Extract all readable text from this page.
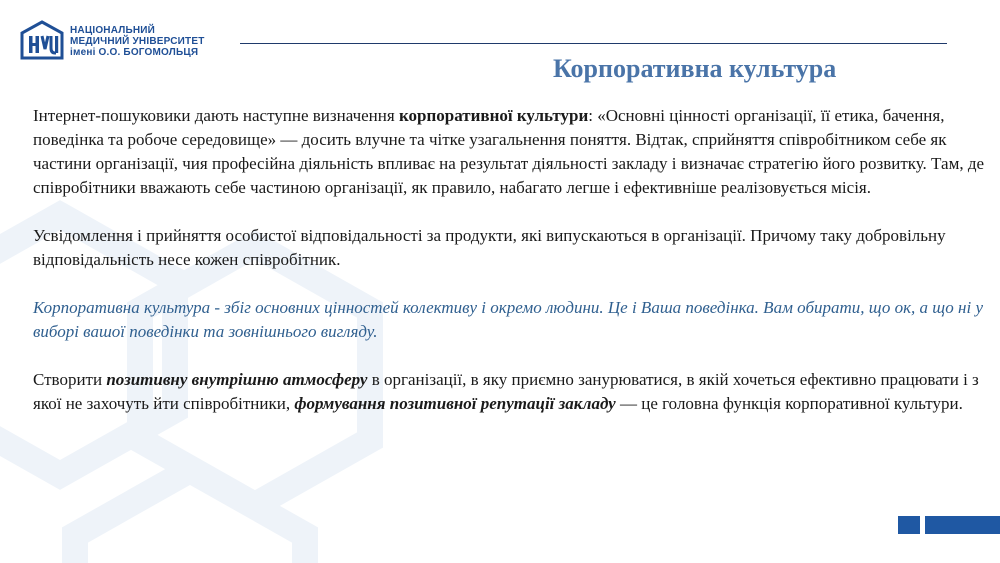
НАЦІОНАЛЬНИЙ
МЕДИЧНИЙ УНІВЕРСИТЕТ
імені О.О. БОГОМОЛЬЦЯ
Корпоративна культура

Інтернет-пошуковики дають наступне визначення корпоративної культури: «Основні цінності організації, її етика, бачення, поведінка та робоче середовище» — досить влучне та чітке узагальнення поняття. Відтак, сприйняття співробітником себе як частини організації, чия професійна діяльність впливає на результат діяльності закладу і визначає стратегію його розвитку. Там, де співробітники вважають себе частиною організації, як правило, набагато легше і ефективніше реалізовується місія.

Усвідомлення і прийняття особистої відповідальності за продукти, які випускаються в організації. Причому таку добровільну відповідальність несе кожен співробітник.

Корпоративна культура - збіг основних цінностей колективу і окремо людини. Це і Ваша поведінка. Вам обирати, що ок, а що ні у виборі вашої поведінки та зовнішнього вигляду.

Створити позитивну внутрішню атмосферу в організації, в яку приємно занурюватися, в якій хочеться ефективно працювати і з якої не захочуть йти співробітники, формування позитивної репутації закладу — це головна функція корпоративної культури.
